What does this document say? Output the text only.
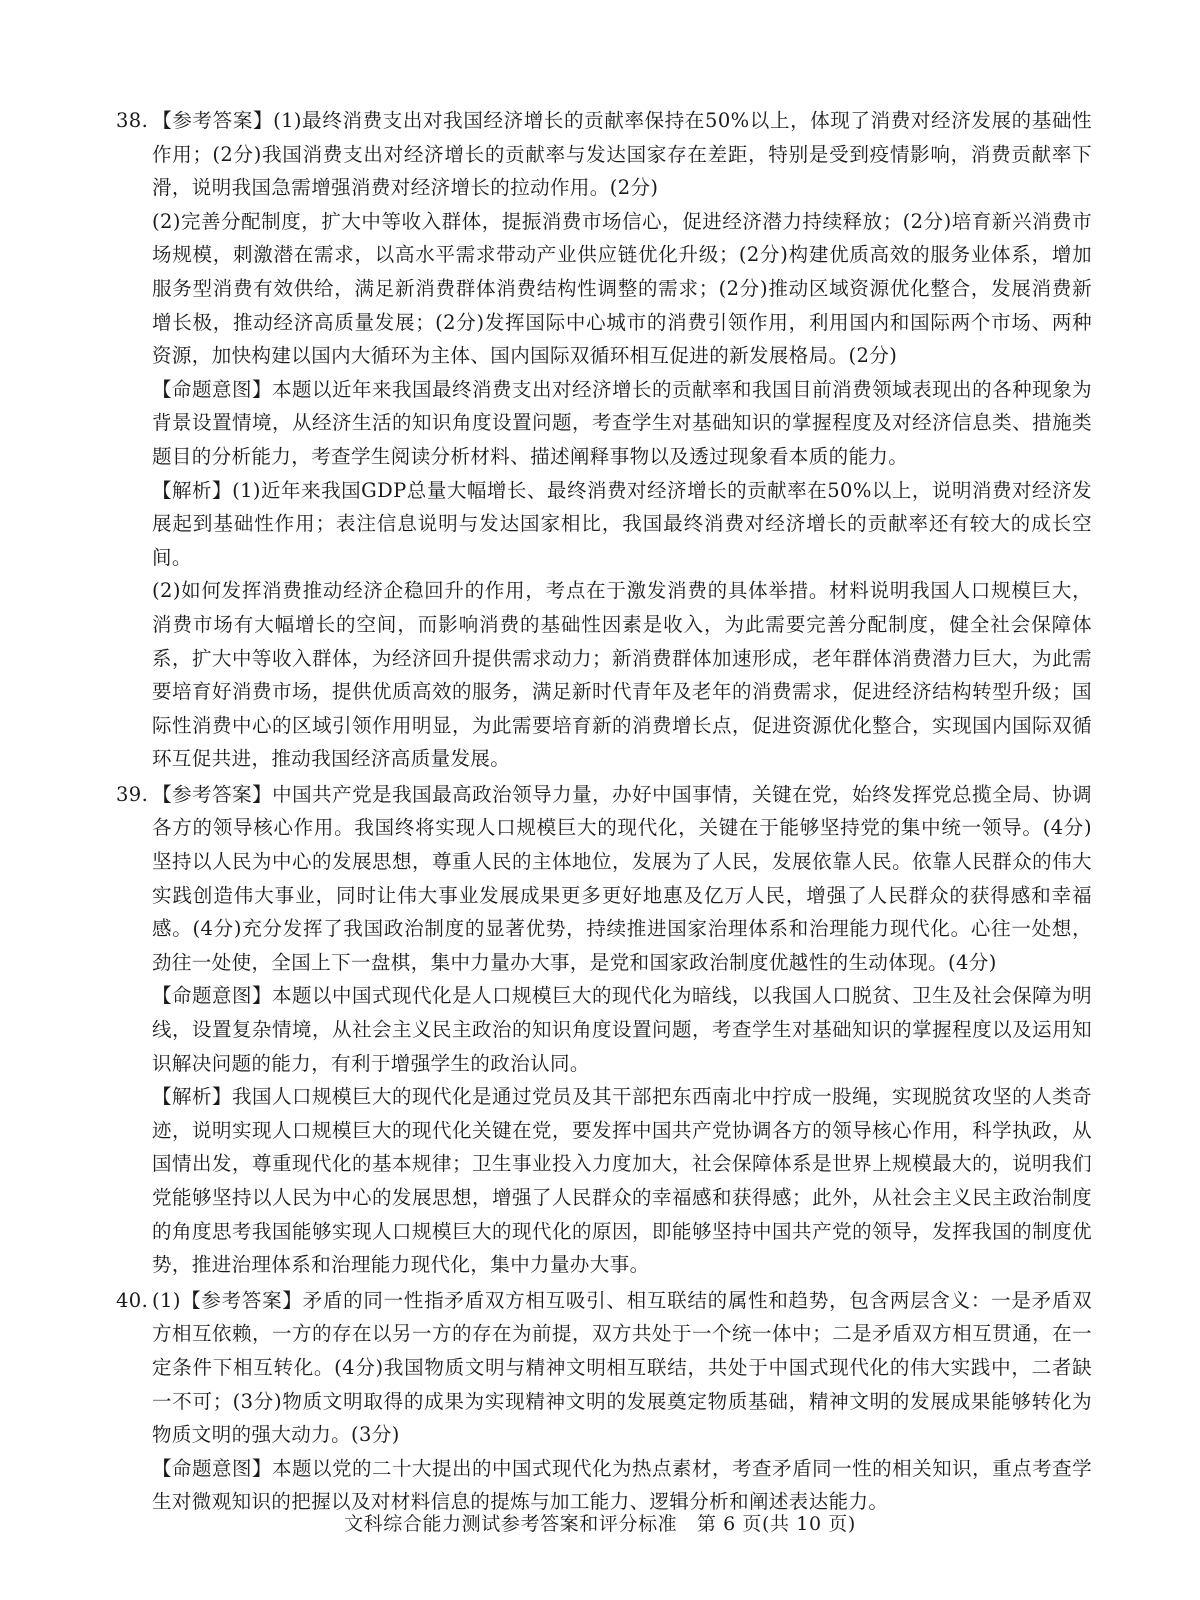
38. 【参考答案】(1)最终消费支出对我国经济增长的贡献率保持在50%以上，体现了消费对经济发展的基础性作用；(2分)我国消费支出对经济增长的贡献率与发达国家存在差距，特别是受到疫情影响，消费贡献率下滑，说明我国急需增强消费对经济增长的拉动作用。(2分)

(2)完善分配制度，扩大中等收入群体，提振消费市场信心，促进经济潜力持续释放；(2分)培育新兴消费市场规模，刺激潜在需求，以高水平需求带动产业供应链优化升级；(2分)构建优质高效的服务业体系，增加服务型消费有效供给，满足新消费群体消费结构性调整的需求；(2分)推动区域资源优化整合，发展消费新增长极，推动经济高质量发展；(2分)发挥国际中心城市的消费引领作用，利用国内和国际两个市场、两种资源，加快构建以国内大循环为主体、国内国际双循环相互促进的新发展格局。(2分)

【命题意图】本题以近年来我国最终消费支出对经济增长的贡献率和我国目前消费领域表现出的各种现象为背景设置情境，从经济生活的知识角度设置问题，考查学生对基础知识的掌握程度及对经济信息类、措施类题目的分析能力，考查学生阅读分析材料、描述阐释事物以及透过现象看本质的能力。

【解析】(1)近年来我国GDP总量大幅增长、最终消费对经济增长的贡献率在50%以上，说明消费对经济发展起到基础性作用；表注信息说明与发达国家相比，我国最终消费对经济增长的贡献率还有较大的成长空间。

(2)如何发挥消费推动经济企稳回升的作用，考点在于激发消费的具体举措。材料说明我国人口规模巨大，消费市场有大幅增长的空间，而影响消费的基础性因素是收入，为此需要完善分配制度，健全社会保障体系，扩大中等收入群体，为经济回升提供需求动力；新消费群体加速形成，老年群体消费潜力巨大，为此需要培育好消费市场，提供优质高效的服务，满足新时代青年及老年的消费需求，促进经济结构转型升级；国际性消费中心的区域引领作用明显，为此需要培育新的消费增长点，促进资源优化整合，实现国内国际双循环互促共进，推动我国经济高质量发展。

39. 【参考答案】中国共产党是我国最高政治领导力量，办好中国事情，关键在党，始终发挥党总揽全局、协调各方的领导核心作用。我国终将实现人口规模巨大的现代化，关键在于能够坚持党的集中统一领导。(4分)坚持以人民为中心的发展思想，尊重人民的主体地位，发展为了人民，发展依靠人民。依靠人民群众的伟大实践创造伟大事业，同时让伟大事业发展成果更多更好地惠及亿万人民，增强了人民群众的获得感和幸福感。(4分)充分发挥了我国政治制度的显著优势，持续推进国家治理体系和治理能力现代化。心往一处想，劲往一处使，全国上下一盘棋，集中力量办大事，是党和国家政治制度优越性的生动体现。(4分)

【命题意图】本题以中国式现代化是人口规模巨大的现代化为暗线，以我国人口脱贫、卫生及社会保障为明线，设置复杂情境，从社会主义民主政治的知识角度设置问题，考查学生对基础知识的掌握程度以及运用知识解决问题的能力，有利于增强学生的政治认同。

【解析】我国人口规模巨大的现代化是通过党员及其干部把东西南北中拧成一股绳，实现脱贫攻坚的人类奇迹，说明实现人口规模巨大的现代化关键在党，要发挥中国共产党协调各方的领导核心作用，科学执政，从国情出发，尊重现代化的基本规律；卫生事业投入力度加大，社会保障体系是世界上规模最大的，说明我们党能够坚持以人民为中心的发展思想，增强了人民群众的幸福感和获得感；此外，从社会主义民主政治制度的角度思考我国能够实现人口规模巨大的现代化的原因，即能够坚持中国共产党的领导，发挥我国的制度优势，推进治理体系和治理能力现代化，集中力量办大事。

40. (1)【参考答案】矛盾的同一性指矛盾双方相互吸引、相互联结的属性和趋势，包含两层含义：一是矛盾双方相互依赖，一方的存在以另一方的存在为前提，双方共处于一个统一体中；二是矛盾双方相互贯通，在一定条件下相互转化。(4分)我国物质文明与精神文明相互联结，共处于中国式现代化的伟大实践中，二者缺一不可；(3分)物质文明取得的成果为实现精神文明的发展奠定物质基础，精神文明的发展成果能够转化为物质文明的强大动力。(3分)

【命题意图】本题以党的二十大提出的中国式现代化为热点素材，考查矛盾同一性的相关知识，重点考查学生对微观知识的把握以及对材料信息的提炼与加工能力、逻辑分析和阐述表达能力。

文科综合能力测试参考答案和评分标准　第 6 页(共 10 页)
